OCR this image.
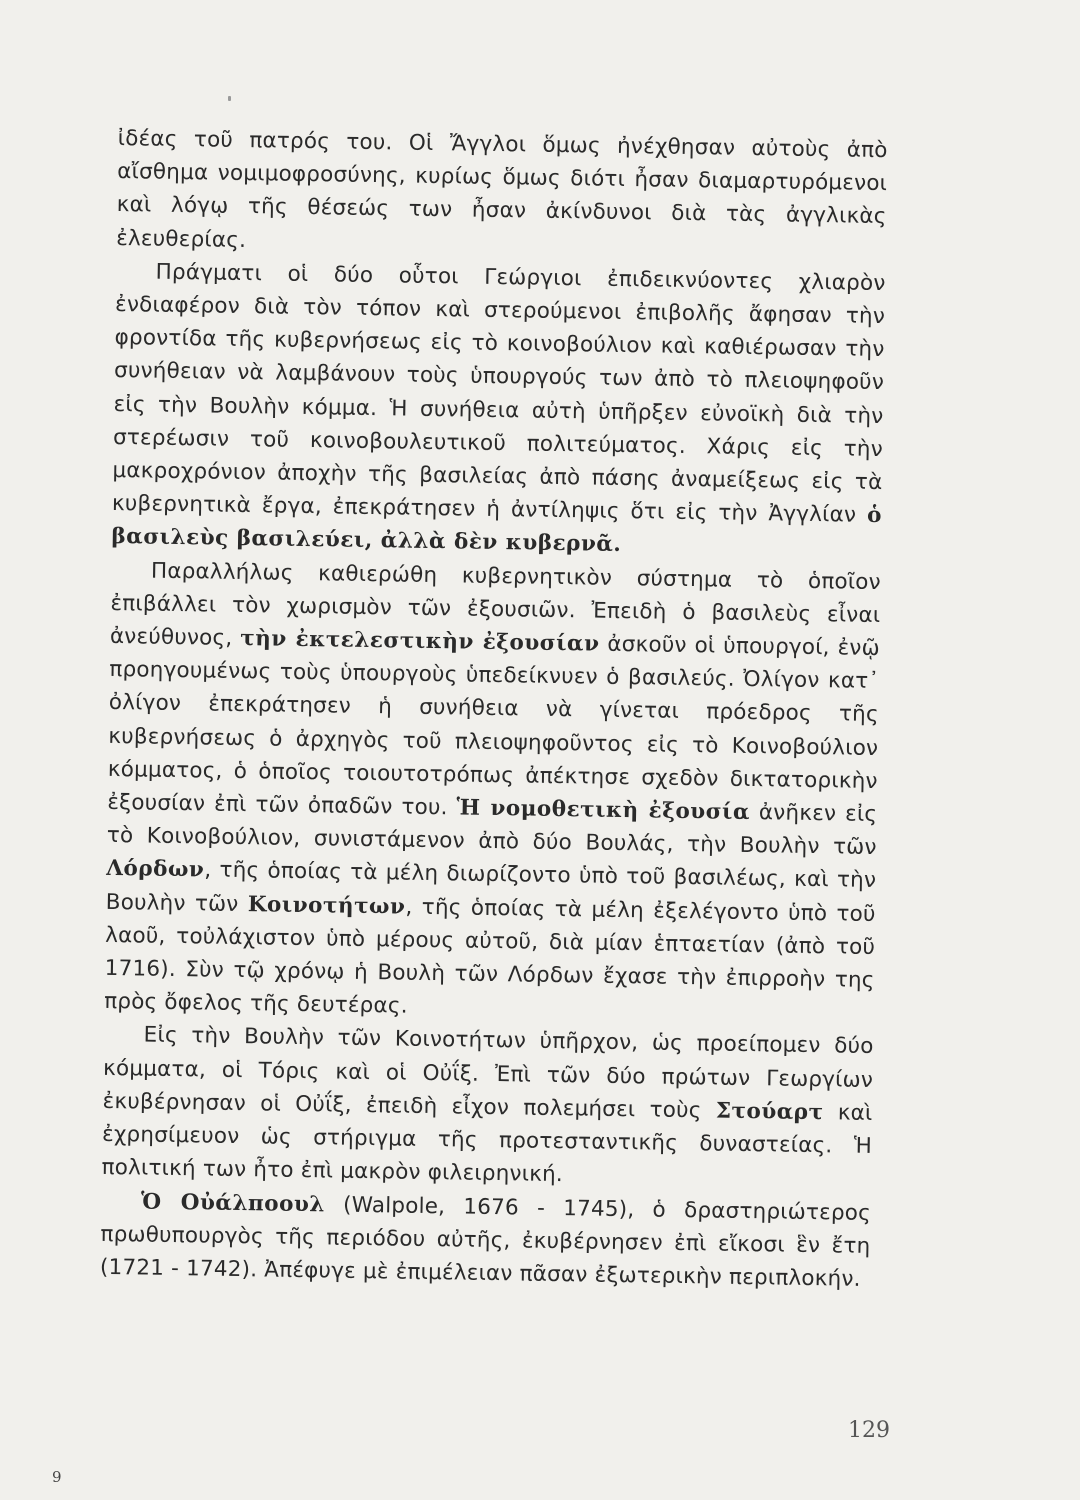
ἰδέας τοῦ πατρός του. Οἱ Ἄγγλοι ὅμως ἠνέχθησαν αὐτοὺς ἀπὸ αἴσθημα νομιμοφροσύνης, κυρίως ὅμως διότι ἦσαν διαμαρτυρόμενοι καὶ λόγῳ τῆς θέσεώς των ἦσαν ἀκίνδυνοι διὰ τὰς ἀγγλικὰς ἐλευθερίας.

Πράγματι οἱ δύο οὗτοι Γεώργιοι ἐπιδεικνύοντες χλιαρὸν ἐνδιαφέρον διὰ τὸν τόπον καὶ στερούμενοι ἐπιβολῆς ἄφησαν τὴν φροντίδα τῆς κυβερνήσεως εἰς τὸ κοινοβούλιον καὶ καθιέρωσαν τὴν συνήθειαν νὰ λαμβάνουν τοὺς ὑπουργούς των ἀπὸ τὸ πλειοψηφοῦν εἰς τὴν Βουλὴν κόμμα. Ἡ συνήθεια αὐτὴ ὑπῆρξεν εὐνοϊκὴ διὰ τὴν στερέωσιν τοῦ κοινοβουλευτικοῦ πολιτεύματος. Χάρις εἰς τὴν μακροχρόνιον ἀποχὴν τῆς βασιλείας ἀπὸ πάσης ἀναμείξεως εἰς τὰ κυβερνητικὰ ἔργα, ἐπεκράτησεν ἡ ἀντίληψις ὅτι εἰς τὴν Ἀγγλίαν ὁ βασιλεὺς βασιλεύει, ἀλλὰ δὲν κυβερνᾶ.

Παραλλήλως καθιερώθη κυβερνητικὸν σύστημα τὸ ὁποῖον ἐπιβάλλει τὸν χωρισμὸν τῶν ἐξουσιῶν. Ἐπειδὴ ὁ βασιλεὺς εἶναι ἀνεύθυνος, τὴν ἐκτελεστικὴν ἐξουσίαν ἀσκοῦν οἱ ὑπουργοί, ἐνῷ προηγουμένως τοὺς ὑπουργοὺς ὑπεδείκνυεν ὁ βασιλεύς. Ὀλίγον κατ᾿ ὀλίγον ἐπεκράτησεν ἡ συνήθεια νὰ γίνεται πρόεδρος τῆς κυβερνήσεως ὁ ἀρχηγὸς τοῦ πλειοψηφοῦντος εἰς τὸ Κοινοβούλιον κόμματος, ὁ ὁποῖος τοιουτοτρόπως ἀπέκτησε σχεδὸν δικτατορικὴν ἐξουσίαν ἐπὶ τῶν ὀπαδῶν του. Ἡ νομοθετικὴ ἐξουσία ἀνῆκεν εἰς τὸ Κοινοβούλιον, συνιστάμενον ἀπὸ δύο Βουλάς, τὴν Βουλὴν τῶν Λόρδων, τῆς ὁποίας τὰ μέλη διωρίζοντο ὑπὸ τοῦ βασιλέως, καὶ τὴν Βουλὴν τῶν Κοινοτήτων, τῆς ὁποίας τὰ μέλη ἐξελέγοντο ὑπὸ τοῦ λαοῦ, τοὐλάχιστον ὑπὸ μέρους αὐτοῦ, διὰ μίαν ἑπταετίαν (ἀπὸ τοῦ 1716). Σὺν τῷ χρόνῳ ἡ Βουλὴ τῶν Λόρδων ἔχασε τὴν ἐπιρροὴν της πρὸς ὄφελος τῆς δευτέρας.

Εἰς τὴν Βουλὴν τῶν Κοινοτήτων ὑπῆρχον, ὡς προείπομεν δύο κόμματα, οἱ Τόρις καὶ οἱ Οὐΐξ. Ἐπὶ τῶν δύο πρώτων Γεωργίων ἐκυβέρνησαν οἱ Οὐΐξ, ἐπειδὴ εἶχον πολεμήσει τοὺς Στούαρτ καὶ ἐχρησίμευον ὡς στήριγμα τῆς προτεσταντικῆς δυναστείας. Ἡ πολιτική των ἦτο ἐπὶ μακρὸν φιλειρηνική.

Ὁ Οὐάλποουλ (Walpole, 1676 - 1745), ὁ δραστηριώτερος πρωθυπουργὸς τῆς περιόδου αὐτῆς, ἐκυβέρνησεν ἐπὶ εἴκοσι ἓν ἔτη (1721 - 1742). Ἀπέφυγε μὲ ἐπιμέλειαν πᾶσαν ἐξωτερικὴν περιπλοκήν.

129
9
